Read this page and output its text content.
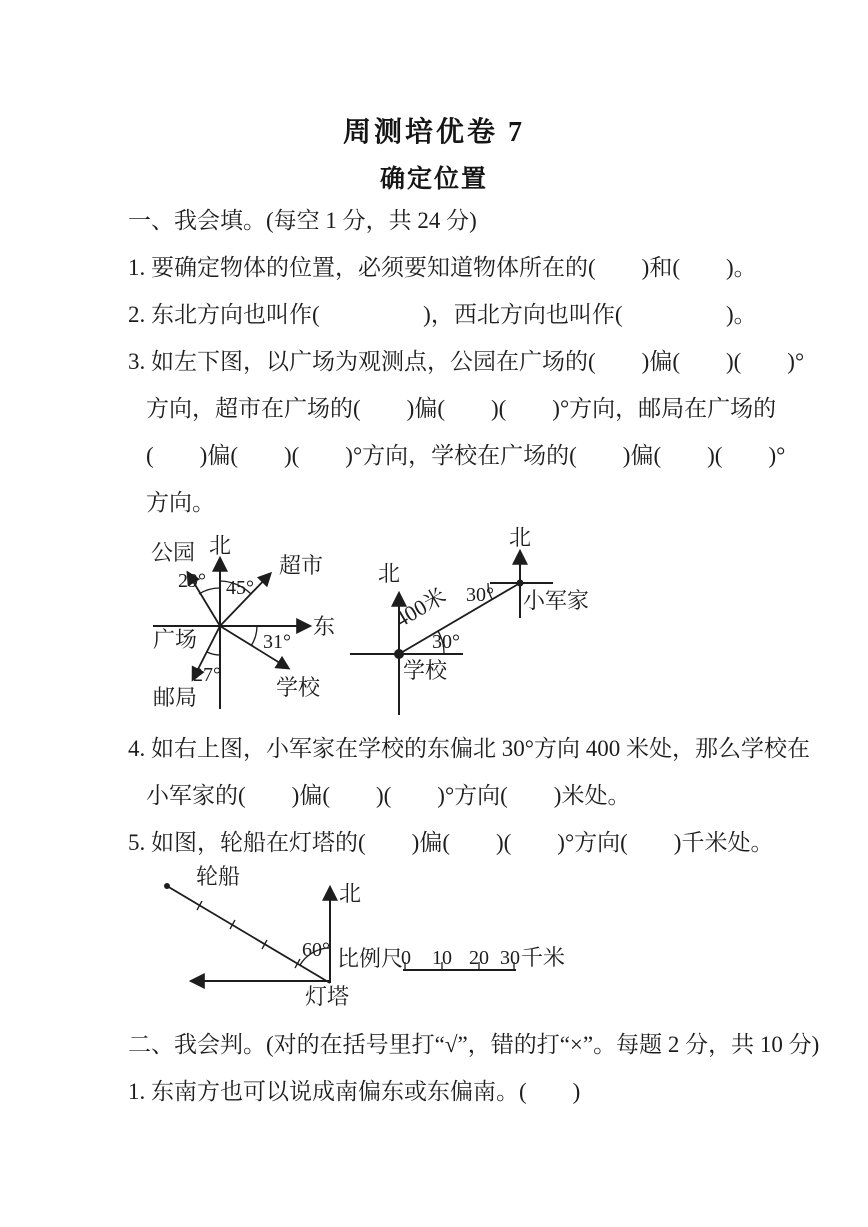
周测培优卷 7
确定位置
一、我会填。(每空 1 分，共 24 分)
1. 要确定物体的位置，必须要知道物体所在的(        )和(        )。
2. 东北方向也叫作(                  )，西北方向也叫作(                  )。
3. 如左下图，以广场为观测点，公园在广场的(        )偏(        )(        )°
方向，超市在广场的(        )偏(        )(        )°方向，邮局在广场的
(        )偏(        )(        )°方向，学校在广场的(        )偏(        )(        )°
方向。
4. 如右上图，小军家在学校的东偏北 30°方向 400 米处，那么学校在
小军家的(        )偏(        )(        )°方向(        )米处。
5. 如图，轮船在灯塔的(        )偏(        )(        )°方向(        )千米处。
二、我会判。(对的在括号里打“√”，错的打“×”。每题 2 分，共 10 分)
1. 东南方也可以说成南偏东或东偏南。(        )
北
东
公园
超市
广场
学校
邮局
29° 45°
31°
27°
北
北
学校
小军家
400米
30°
30°
轮船
北
灯塔
60° 比例尺
0 10 20 30 千米
